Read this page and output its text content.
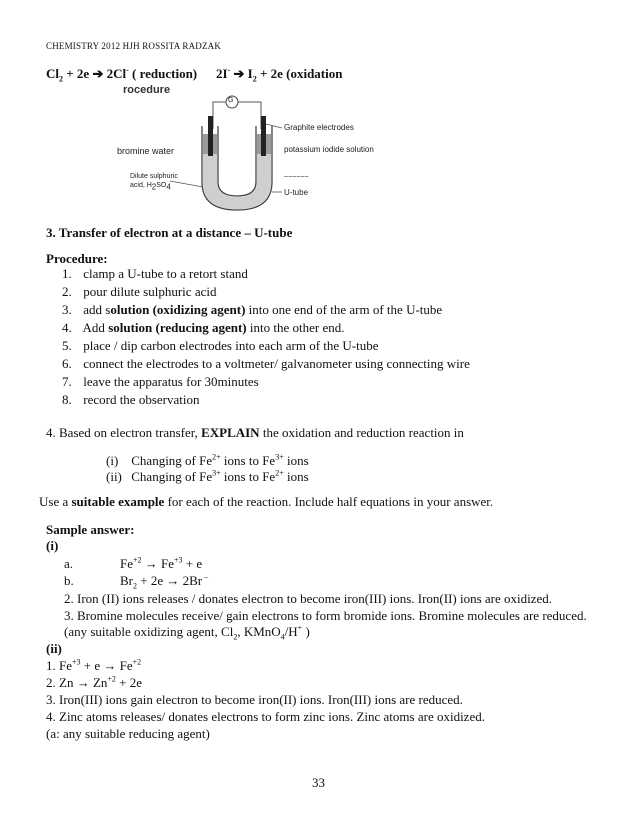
CHEMISTRY 2012 HJH ROSSITA RADZAK
$Cl_2 + 2e$ ➔ 2Cl- ( reduction) 2I- ➔ $I_2 + 2e$ (oxidation
rocedure
G
Graphite electrodes
bromine water	potassium iodide solution
Dilute sulphuric
acid, $H_2SO_4$
~~~~~~
U-tube
3. Transfer of electron at a distance – U-tube
Procedure:
1. clamp a U-tube to a retort stand
2. pour dilute sulphuric acid
3. add solution (oxidizing agent) into one end of the arm of the U-tube
4. Add solution (reducing agent) into the other end.
5. place / dip carbon electrodes into each arm of the U-tube
6. connect the electrodes to a voltmeter/ galvanometer using connecting wire
7. leave the apparatus for 30minutes
8. record the observation
4. Based on electron transfer, EXPLAIN the oxidation and reduction reaction in
(i) Changing of $Fe^{2+}$ ions to $Fe^{3+}$ ions
(ii) Changing of $Fe^{3+}$ ions to $Fe^{2+}$ ions
Use a suitable example for each of the reaction. Include half equations in your answer.
Sample answer:
(i)
a.	$Fe^{+2} \to Fe^{+3} + e$
b.	$Br_2 + 2e \to 2Br$ –
2. Iron (II) ions releases / donates electron to become iron(III) ions. Iron(II) ions are oxidized.
3. Bromine molecules receive/ gain electrons to form bromide ions. Bromine molecules are reduced.
(any suitable oxidizing agent, $Cl_2$, KMnO$_4$/H+ )
(ii)
1. $Fe^{+3} + e \to Fe^{+2}$
2. $Zn \to Zn^{+2} + 2e$
3. Iron(III) ions gain electron to become iron(II) ions. Iron(III) ions are reduced.
4. Zinc atoms releases/ donates electrons to form zinc ions. Zinc atoms are oxidized.
(a: any suitable reducing agent)
33
